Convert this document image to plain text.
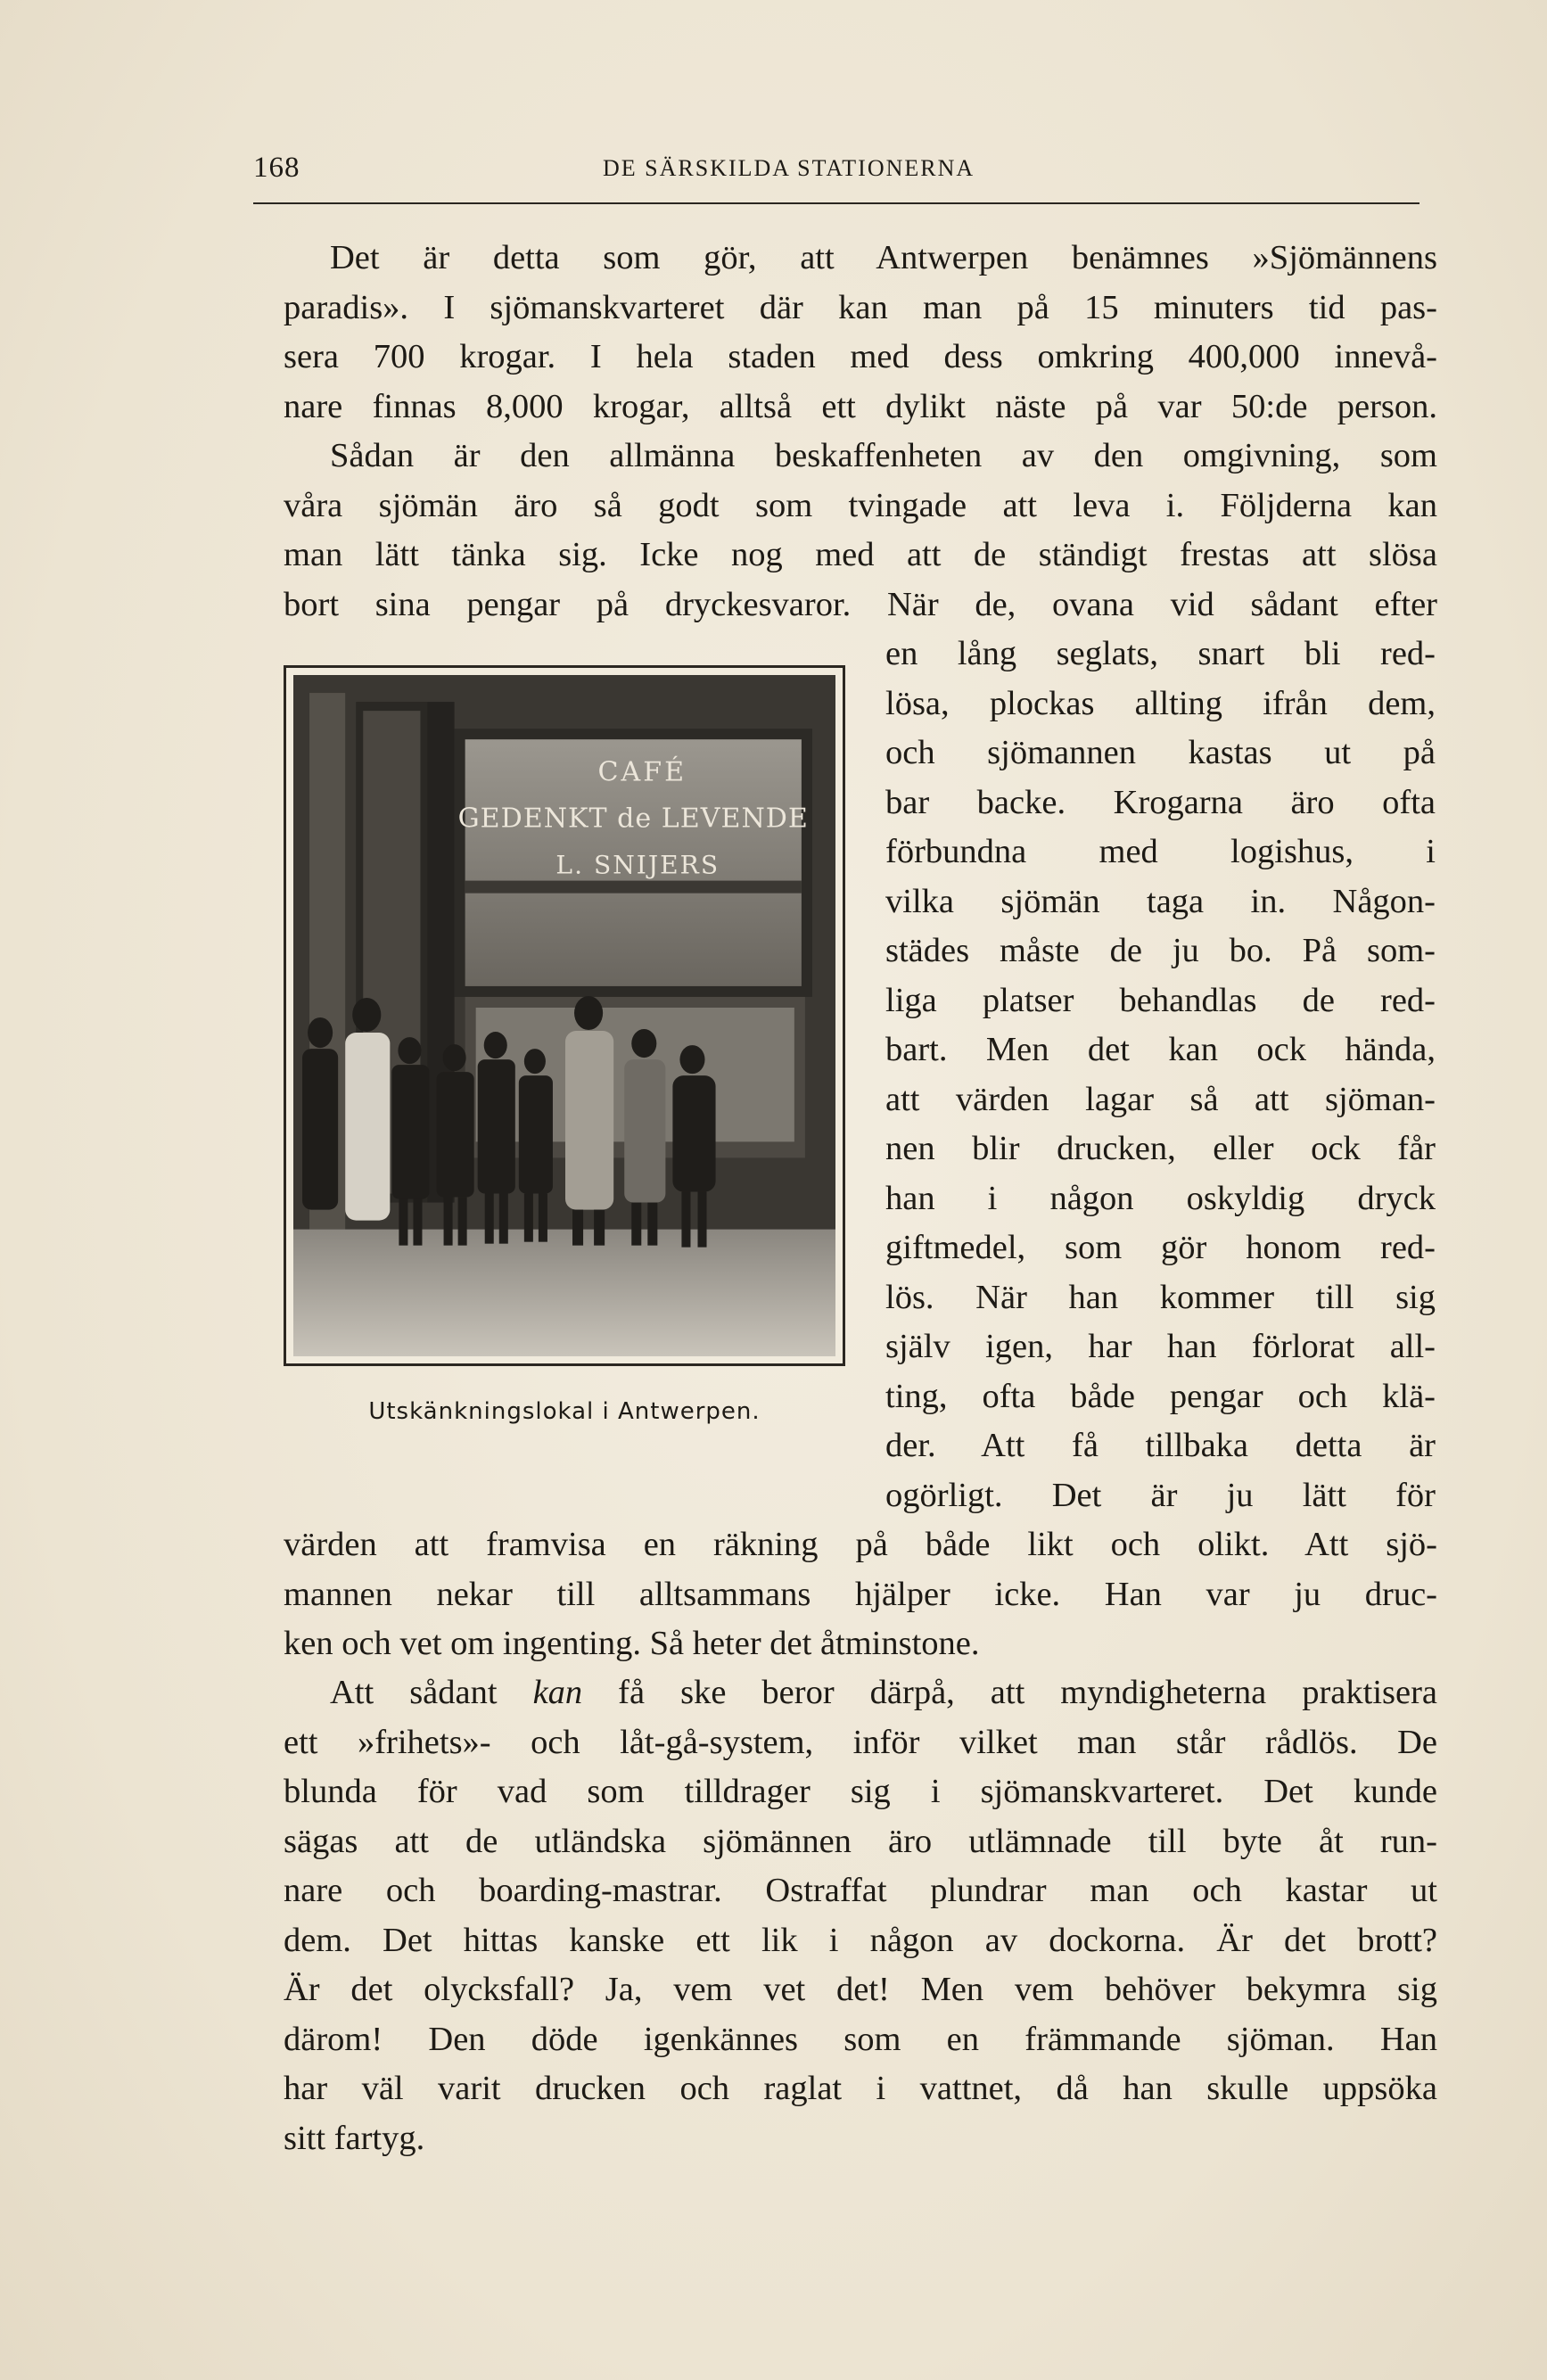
168	DE SÄRSKILDA STATIONERNA
Det är detta som gör, att Antwerpen benämnes »Sjömännens
paradis». I sjömanskvarteret där kan man på 15 minuters tid pas-
sera 700 krogar. I hela staden med dess omkring 400,000 innevå-
nare finnas 8,000 krogar, alltså ett dylikt näste på var 50:de person.
Sådan är den allmänna beskaffenheten av den omgivning, som
våra sjömän äro så godt som tvingade att leva i. Följderna kan
man lätt tänka sig. Icke nog med att de ständigt frestas att slösa
bort sina pengar på dryckesvaror. När de, ovana vid sådant efter
CAFÉ
GEDENKT de LEVENDE
L. SNIJERS
Utskänkningslokal i Antwerpen.
en lång seglats, snart bli red-
lösa, plockas allting ifrån dem,
och sjömannen kastas ut på
bar backe. Krogarna äro ofta
förbundna med logishus, i
vilka sjömän taga in. Någon-
städes måste de ju bo. På som-
liga platser behandlas de red-
bart. Men det kan ock hända,
att värden lagar så att sjöman-
nen blir drucken, eller ock får
han i någon oskyldig dryck
giftmedel, som gör honom red-
lös. När han kommer till sig
själv igen, har han förlorat all-
ting, ofta både pengar och klä-
der. Att få tillbaka detta är
ogörligt. Det är ju lätt för
värden att framvisa en räkning på både likt och olikt. Att sjö-
mannen nekar till alltsammans hjälper icke. Han var ju druc-
ken och vet om ingenting. Så heter det åtminstone.
Att sådant kan få ske beror därpå, att myndigheterna praktisera
ett »frihets»- och låt-gå-system, inför vilket man står rådlös. De
blunda för vad som tilldrager sig i sjömanskvarteret. Det kunde
sägas att de utländska sjömännen äro utlämnade till byte åt run-
nare och boarding-mastrar. Ostraffat plundrar man och kastar ut
dem. Det hittas kanske ett lik i någon av dockorna. Är det brott?
Är det olycksfall? Ja, vem vet det! Men vem behöver bekymra sig
därom! Den döde igenkännes som en främmande sjöman. Han
har väl varit drucken och raglat i vattnet, då han skulle uppsöka
sitt fartyg.
